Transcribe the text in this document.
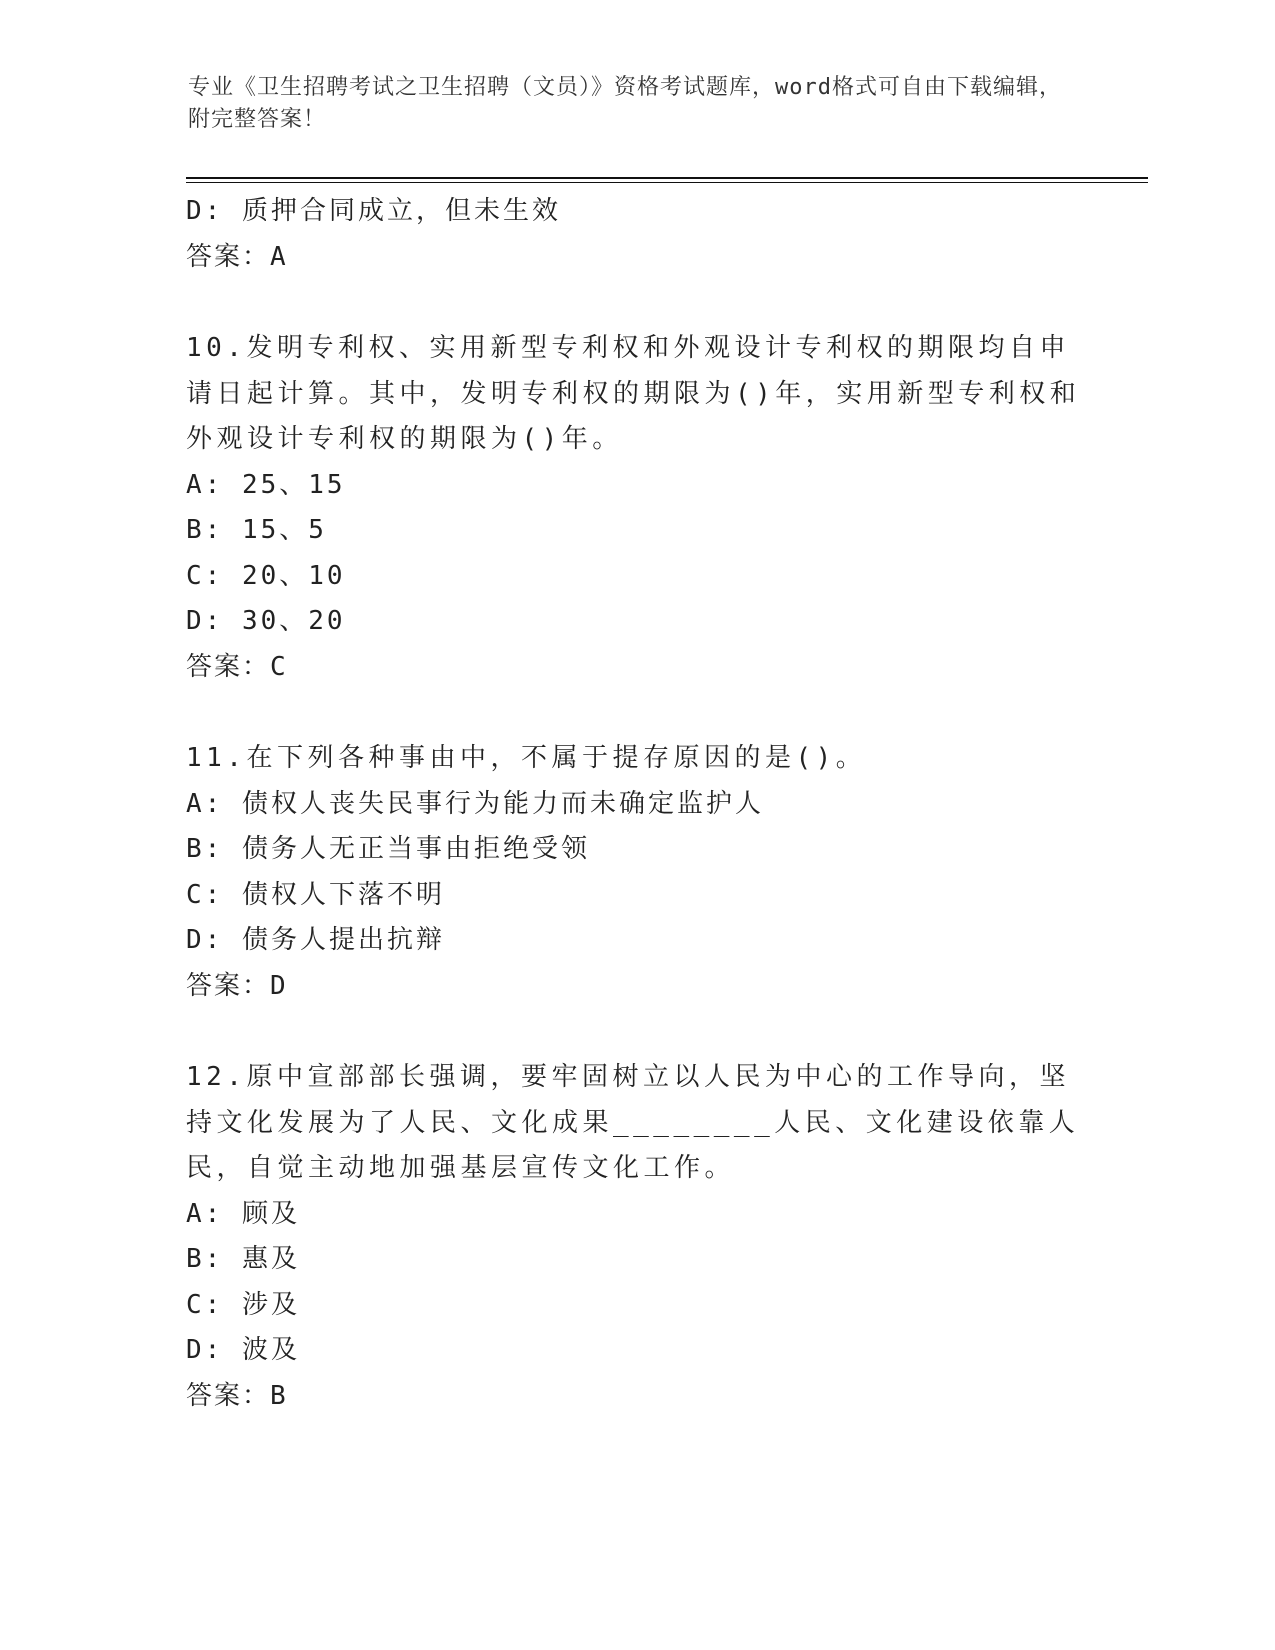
专业《卫生招聘考试之卫生招聘（文员）》资格考试题库，word格式可自由下载编辑，附完整答案！
D: 质押合同成立，但未生效
答案：A
10.发明专利权、实用新型专利权和外观设计专利权的期限均自申请日起计算。其中，发明专利权的期限为()年，实用新型专利权和外观设计专利权的期限为()年。
A: 25、15
B: 15、5
C: 20、10
D: 30、20
答案：C
11.在下列各种事由中，不属于提存原因的是()。
A: 债权人丧失民事行为能力而未确定监护人
B: 债务人无正当事由拒绝受领
C: 债权人下落不明
D: 债务人提出抗辩
答案：D
12.原中宣部部长强调，要牢固树立以人民为中心的工作导向，坚持文化发展为了人民、文化成果________人民、文化建设依靠人民，自觉主动地加强基层宣传文化工作。
A: 顾及
B: 惠及
C: 涉及
D: 波及
答案：B
